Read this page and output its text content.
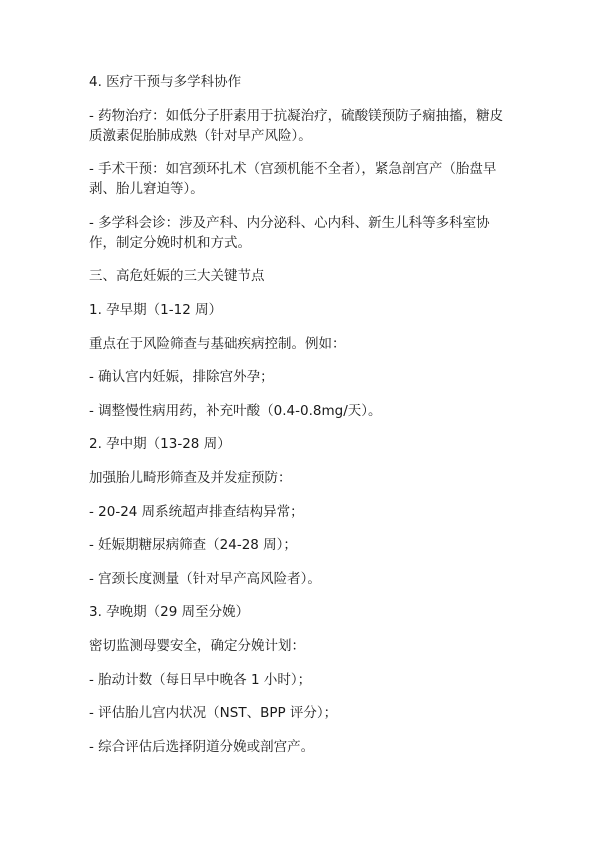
4. 医疗干预与多学科协作

- 药物治疗：如低分子肝素用于抗凝治疗，硫酸镁预防子痫抽搐，糖皮质激素促胎肺成熟（针对早产风险）。

- 手术干预：如宫颈环扎术（宫颈机能不全者），紧急剖宫产（胎盘早剥、胎儿窘迫等）。

- 多学科会诊：涉及产科、内分泌科、心内科、新生儿科等多科室协作，制定分娩时机和方式。

三、高危妊娠的三大关键节点

1. 孕早期（1-12 周）

重点在于风险筛查与基础疾病控制。例如：

- 确认宫内妊娠，排除宫外孕；

- 调整慢性病用药，补充叶酸（0.4-0.8mg/天）。

2. 孕中期（13-28 周）

加强胎儿畸形筛查及并发症预防：

- 20-24 周系统超声排查结构异常；

- 妊娠期糖尿病筛查（24-28 周）；

- 宫颈长度测量（针对早产高风险者）。

3. 孕晚期（29 周至分娩）

密切监测母婴安全，确定分娩计划：

- 胎动计数（每日早中晚各 1 小时）；

- 评估胎儿宫内状况（NST、BPP 评分）；

- 综合评估后选择阴道分娩或剖宫产。
